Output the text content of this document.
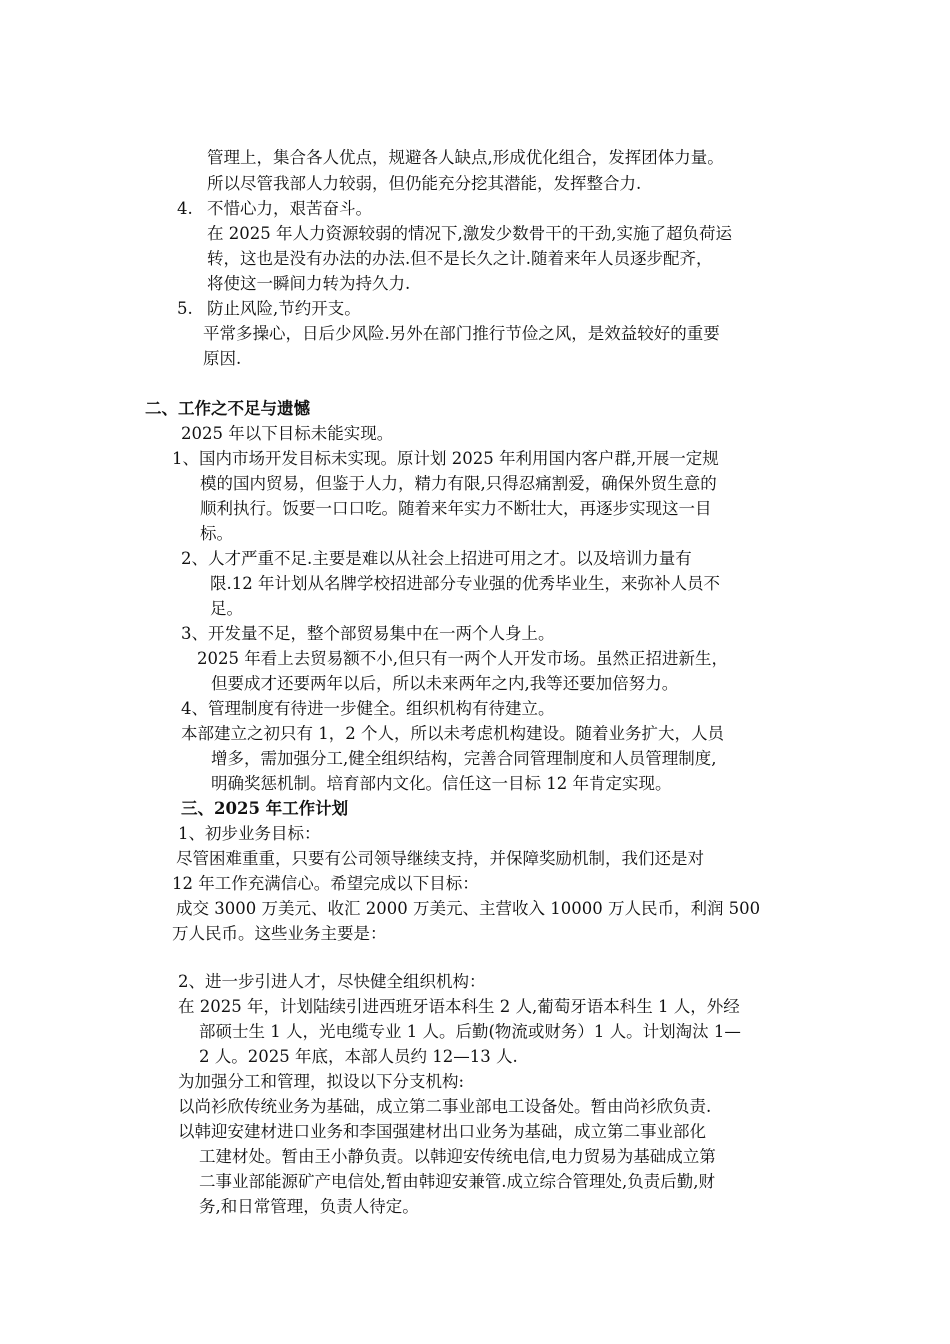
管理上，集合各人优点，规避各人缺点,形成优化组合，发挥团体力量。
所以尽管我部人力较弱，但仍能充分挖其潜能，发挥整合力.
4. 不惜心力，艰苦奋斗。
在 2025 年人力资源较弱的情况下,激发少数骨干的干劲,实施了超负荷运
转，这也是没有办法的办法.但不是长久之计.随着来年人员逐步配齐，
将使这一瞬间力转为持久力.
5. 防止风险,节约开支。
平常多操心，日后少风险.另外在部门推行节俭之风，是效益较好的重要
原因.
二、工作之不足与遗憾
2025 年以下目标未能实现。
1、国内市场开发目标未实现。原计划 2025 年利用国内客户群,开展一定规
模的国内贸易，但鉴于人力，精力有限,只得忍痛割爱，确保外贸生意的
顺利执行。饭要一口口吃。随着来年实力不断壮大，再逐步实现这一目
标。
2、人才严重不足.主要是难以从社会上招进可用之才。以及培训力量有
限.12 年计划从名牌学校招进部分专业强的优秀毕业生，来弥补人员不
足。
3、开发量不足，整个部贸易集中在一两个人身上。
2025 年看上去贸易额不小,但只有一两个人开发市场。虽然正招进新生，
但要成才还要两年以后，所以未来两年之内,我等还要加倍努力。
4、管理制度有待进一步健全。组织机构有待建立。
本部建立之初只有 1，2 个人，所以未考虑机构建设。随着业务扩大，人员
增多，需加强分工,健全组织结构，完善合同管理制度和人员管理制度,
明确奖惩机制。培育部内文化。信任这一目标 12 年肯定实现。
三、2025 年工作计划
1、初步业务目标：
尽管困难重重，只要有公司领导继续支持，并保障奖励机制，我们还是对
12 年工作充满信心。希望完成以下目标：
成交 3000 万美元、收汇 2000 万美元、主营收入 10000 万人民币，利润 500
万人民币。这些业务主要是：
2、进一步引进人才，尽快健全组织机构：
在 2025 年，计划陆续引进西班牙语本科生 2 人,葡萄牙语本科生 1 人，外经
部硕士生 1 人，光电缆专业 1 人。后勤(物流或财务）1 人。计划淘汰 1—
2 人。2025 年底，本部人员约 12—13 人.
为加强分工和管理，拟设以下分支机构:
以尚衫欣传统业务为基础，成立第二事业部电工设备处。暂由尚衫欣负责.
以韩迎安建材进口业务和李国强建材出口业务为基础，成立第二事业部化
工建材处。暂由王小静负责。以韩迎安传统电信,电力贸易为基础成立第
二事业部能源矿产电信处,暂由韩迎安兼管.成立综合管理处,负责后勤,财
务,和日常管理，负责人待定。
